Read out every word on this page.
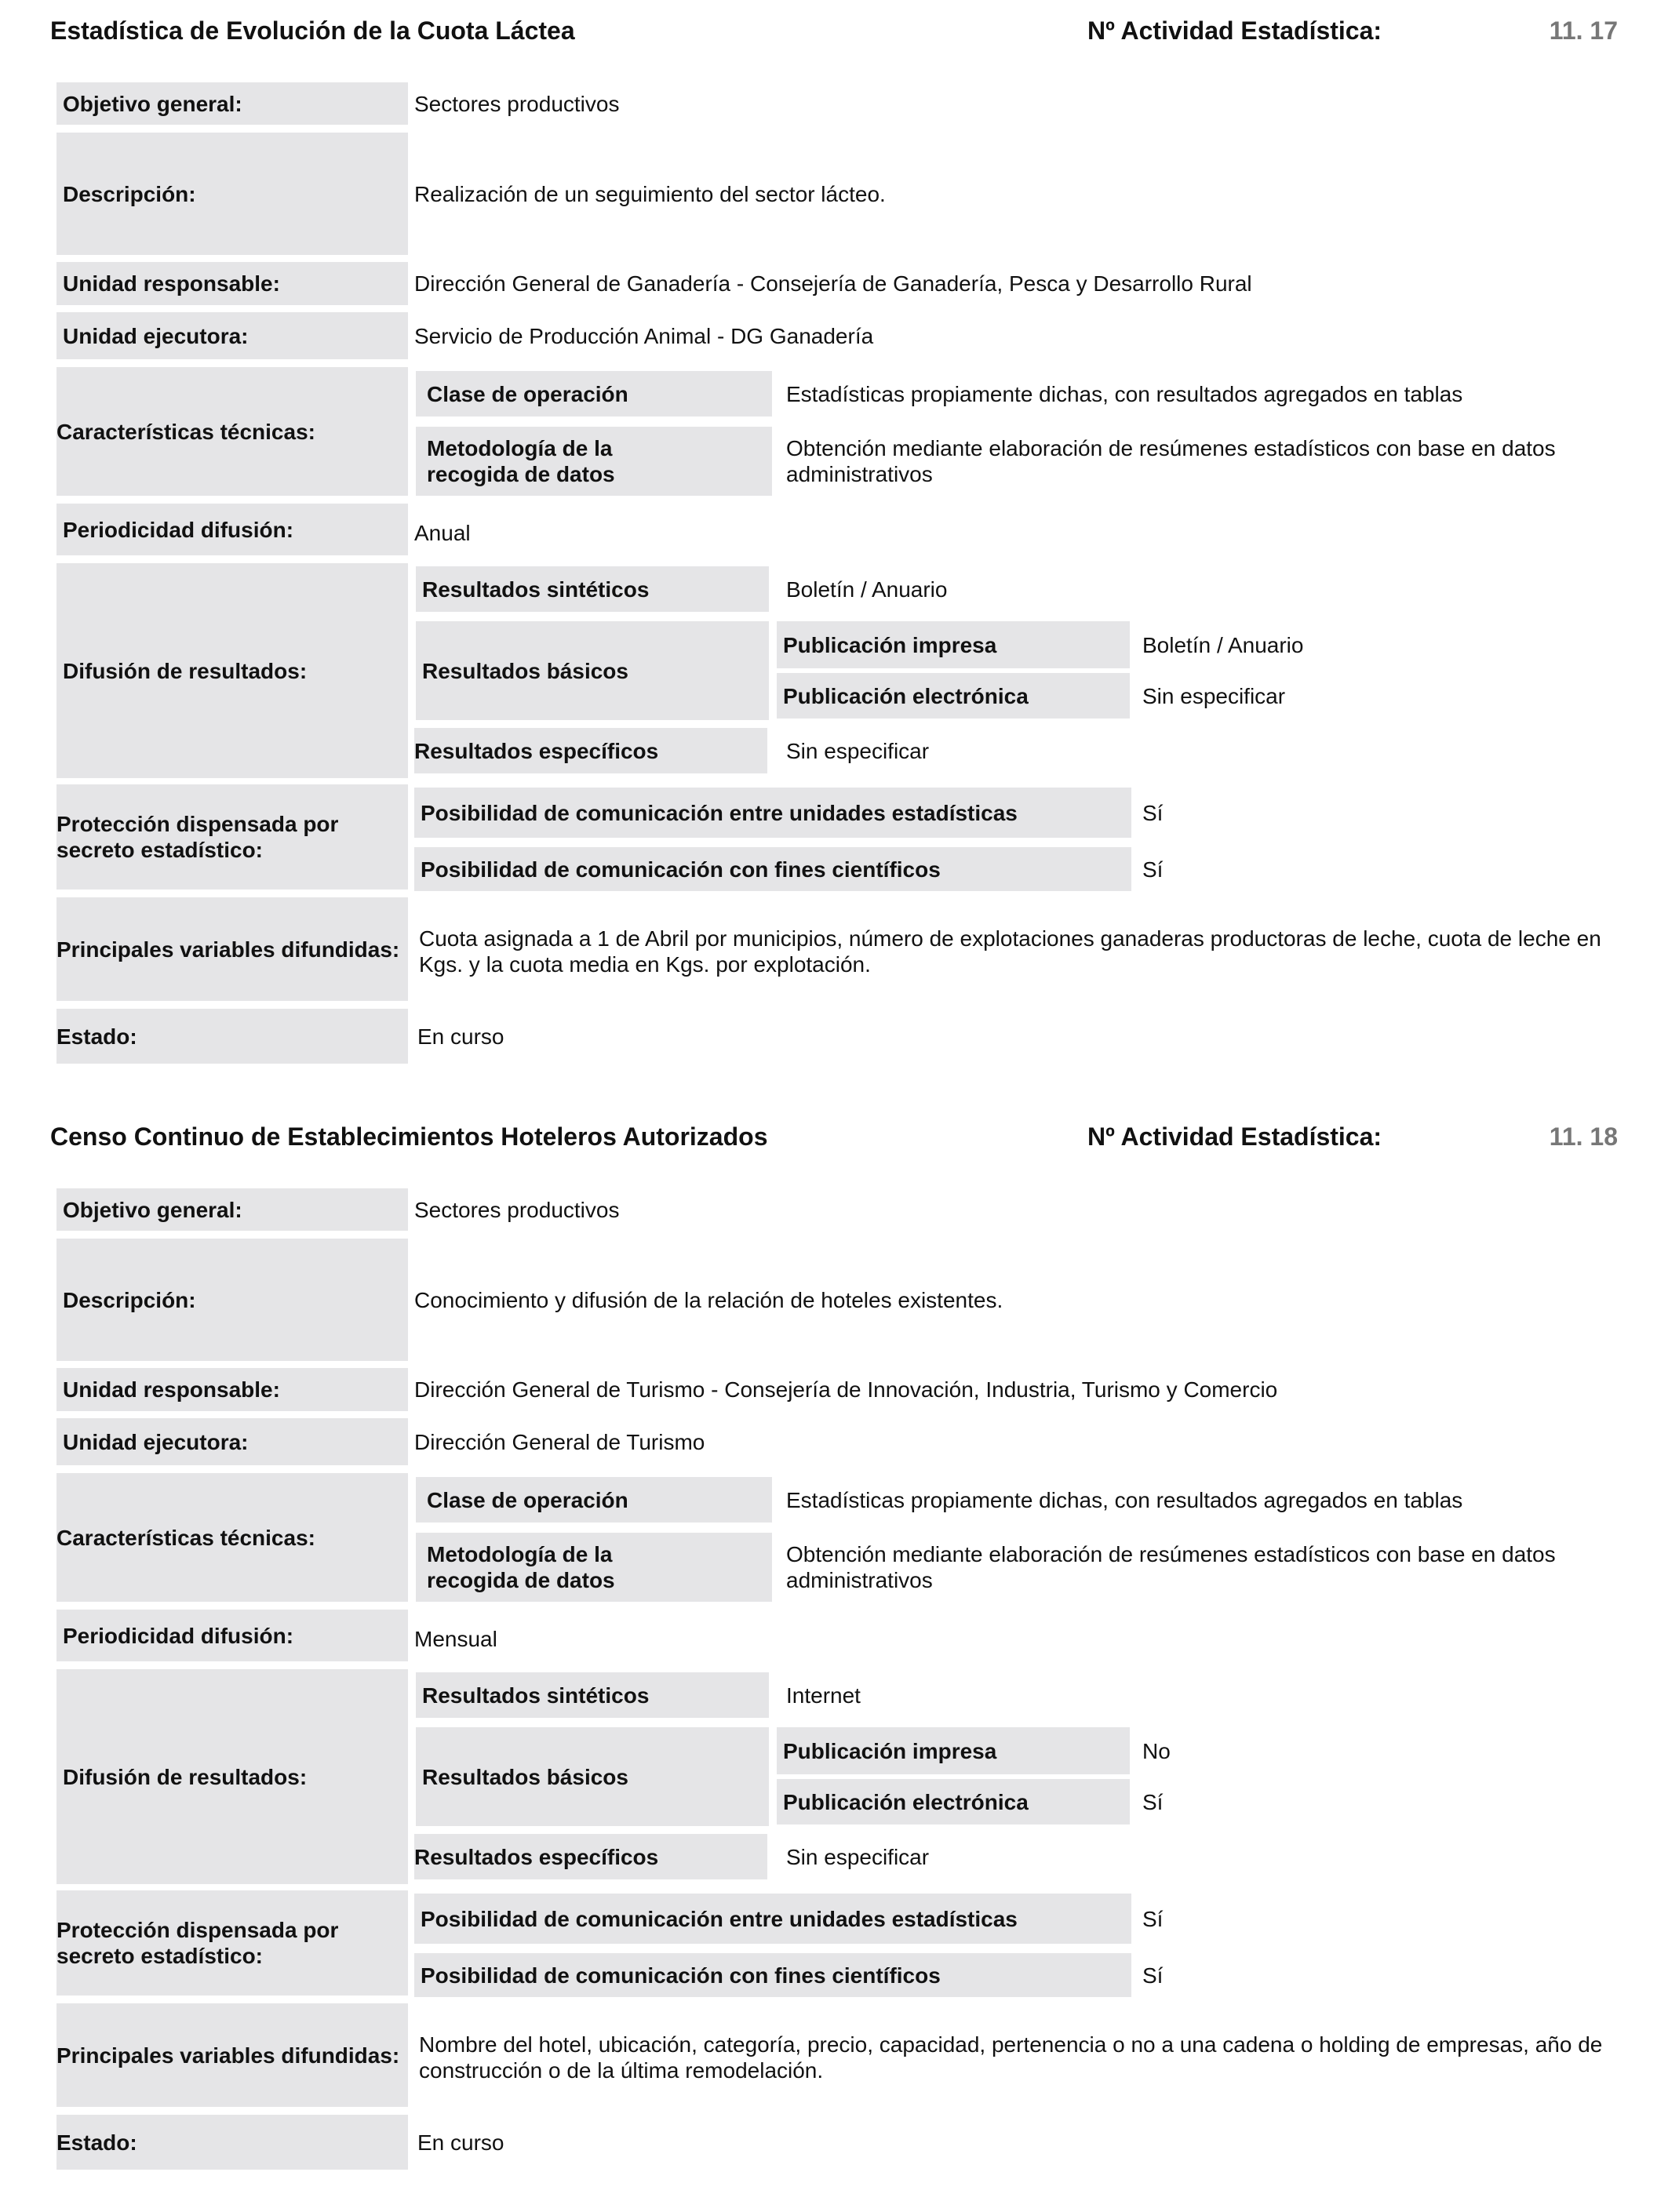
Estadística de Evolución de la Cuota Láctea	Nº Actividad Estadística:	11. 17
Objetivo general:	Sectores productivos
Descripción:	Realización de un seguimiento del sector lácteo.
Unidad responsable:	Dirección General de Ganadería - Consejería de Ganadería, Pesca y Desarrollo Rural
Unidad ejecutora:	Servicio de Producción Animal - DG Ganadería
Características técnicas:
Clase de operación	Estadísticas propiamente dichas, con resultados agregados en tablas
Metodología de la recogida de datos
Obtención mediante elaboración de resúmenes estadísticos con base en datos administrativos
Periodicidad difusión:	Anual
Difusión de resultados:
Resultados sintéticos	Boletín / Anuario
Resultados básicos
Publicación impresa	Boletín / Anuario
Publicación electrónica	Sin especificar
Resultados específicos	Sin especificar
Protección dispensada por secreto estadístico:
Posibilidad de comunicación entre unidades estadísticas	Sí
Posibilidad de comunicación con fines científicos	Sí
Principales variables difundidas: Cuota asignada a 1 de Abril por municipios, número de explotaciones ganaderas productoras de leche, cuota de leche en Kgs. y la cuota media en Kgs. por explotación.
Estado:	En curso
Censo Continuo de Establecimientos Hoteleros Autorizados	Nº Actividad Estadística:	11. 18
Objetivo general:	Sectores productivos
Descripción:	Conocimiento y difusión de la relación de hoteles existentes.
Unidad responsable:	Dirección General de Turismo - Consejería de Innovación, Industria, Turismo y Comercio
Unidad ejecutora:	Dirección General de Turismo
Características técnicas:
Clase de operación	Estadísticas propiamente dichas, con resultados agregados en tablas
Metodología de la recogida de datos
Obtención mediante elaboración de resúmenes estadísticos con base en datos administrativos
Periodicidad difusión:	Mensual
Difusión de resultados:
Resultados sintéticos	Internet
Resultados básicos
Publicación impresa	No
Publicación electrónica	Sí
Resultados específicos	Sin especificar
Protección dispensada por secreto estadístico:
Posibilidad de comunicación entre unidades estadísticas	Sí
Posibilidad de comunicación con fines científicos	Sí
Principales variables difundidas: Nombre del hotel, ubicación, categoría, precio, capacidad, pertenencia o no a una cadena o holding de empresas, año de construcción o de la última remodelación.
Estado:	En curso
